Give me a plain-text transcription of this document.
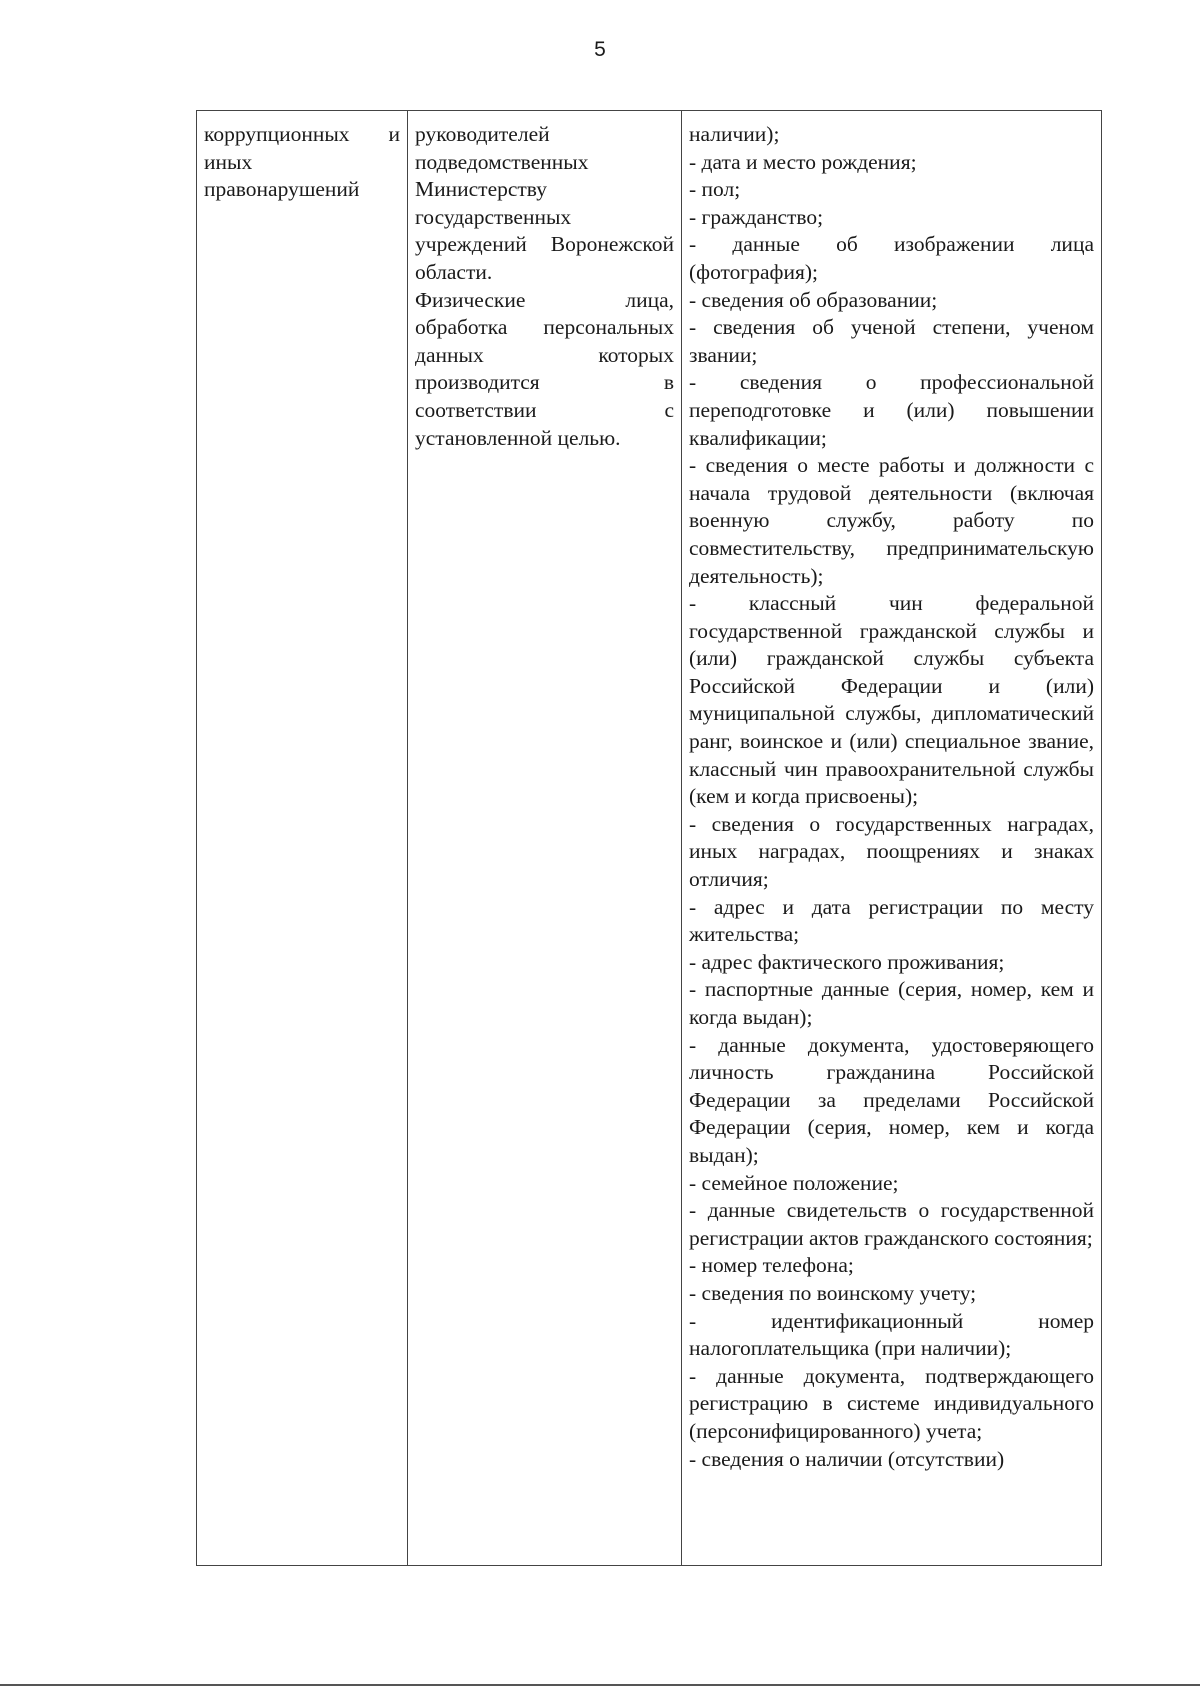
5

коррупционных и иных правонарушений

руководителей подведомственных Министерству государственных учреждений Воронежской области.

Физические лица, обработка персональных данных которых производится в соответствии с установленной целью.

наличии);

- дата и место рождения;

- пол;

- гражданство;

- данные об изображении лица (фотография);

- сведения об образовании;

- сведения об ученой степени, ученом звании;

- сведения о профессиональной переподготовке и (или) повышении квалификации;

- сведения о месте работы и должности с начала трудовой деятельности (включая военную службу, работу по совместительству, предпринимательскую деятельность);

- классный чин федеральной государственной гражданской службы и (или) гражданской службы субъекта Российской Федерации и (или) муниципальной службы, дипломатический ранг, воинское и (или) специальное звание, классный чин правоохранительной службы (кем и когда присвоены);

- сведения о государственных наградах, иных наградах, поощрениях и знаках отличия;

- адрес и дата регистрации по месту жительства;

- адрес фактического проживания;

- паспортные данные (серия, номер, кем и когда выдан);

- данные документа, удостоверяющего личность гражданина Российской Федерации за пределами Российской Федерации (серия, номер, кем и когда выдан);

- семейное положение;

- данные свидетельств о государственной регистрации актов гражданского состояния;

- номер телефона;

- сведения по воинскому учету;

- идентификационный номер налогоплательщика (при наличии);

- данные документа, подтверждающего регистрацию в системе индивидуального (персонифицированного) учета;

- сведения о наличии (отсутствии)
